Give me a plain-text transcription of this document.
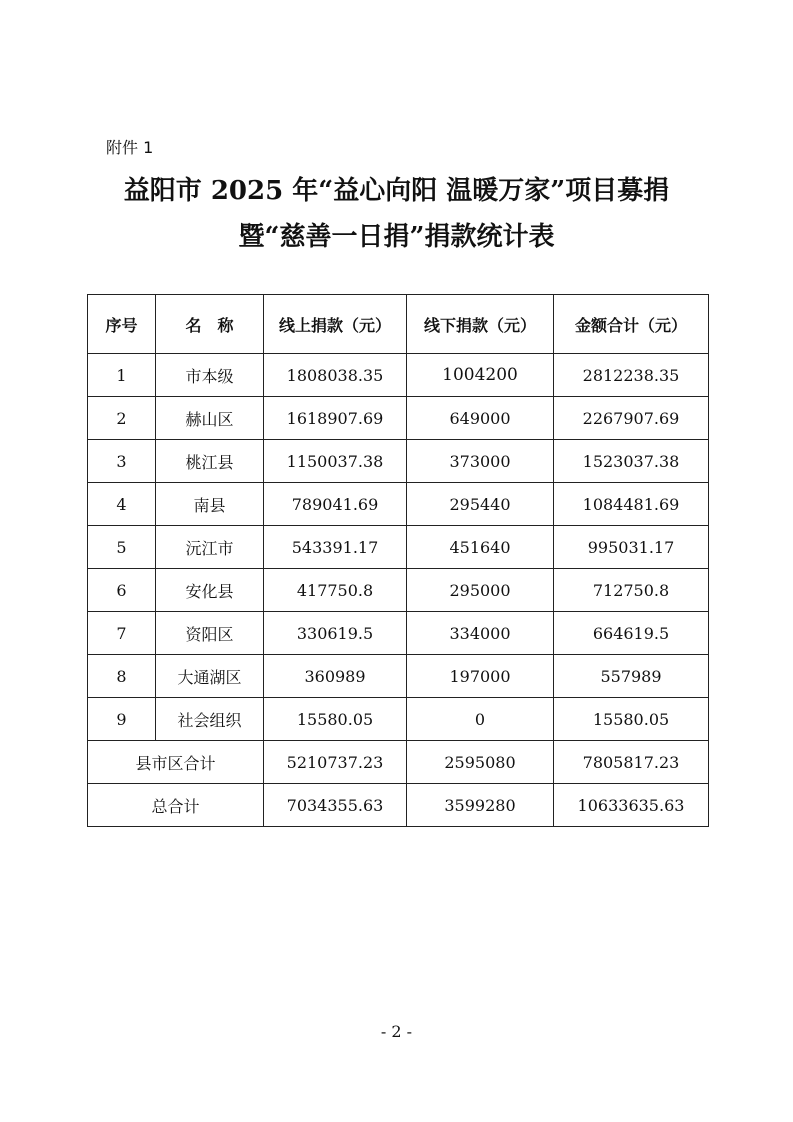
附件 1
益阳市 2025 年“益心向阳 温暖万家”项目募捐
暨“慈善一日捐”捐款统计表
序号	名　称	线上捐款（元）	线下捐款（元）	金额合计（元）
1	市本级	1808038.35	1004200	2812238.35
2	赫山区	1618907.69	649000	2267907.69
3	桃江县	1150037.38	373000	1523037.38
4	南县	789041.69	295440	1084481.69
5	沅江市	543391.17	451640	995031.17
6	安化县	417750.8	295000	712750.8
7	资阳区	330619.5	334000	664619.5
8	大通湖区	360989	197000	557989
9	社会组织	15580.05	0	15580.05
县市区合计		5210737.23	2595080	7805817.23
总合计		7034355.63	3599280	10633635.63
- 2 -
